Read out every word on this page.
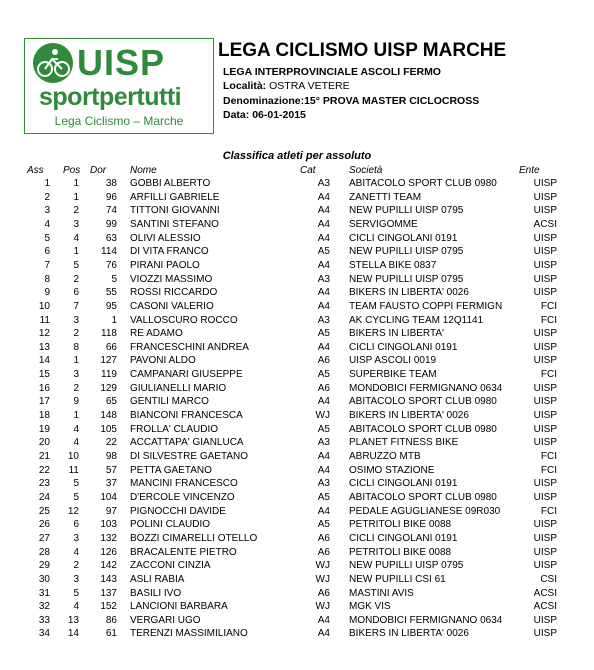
UISP
sportpertutti
Lega Ciclismo – Marche
LEGA CICLISMO UISP MARCHE
LEGA INTERPROVINCIALE ASCOLI FERMO
Località: OSTRA VETERE
Denominazione:15° PROVA MASTER CICLOCROSS
Data: 06-01-2015
Classifica atleti per assoluto
Ass	Pos Dor	Nome	Cat	Società	Ente
1	1	38 GOBBI ALBERTO	A3 ABITACOLO SPORT CLUB 0980	UISP
2	1	96 ARFILLI GABRIELE	A4 ZANETTI TEAM	UISP
3	2	74 TITTONI GIOVANNI	A4 NEW PUPILLI UISP 0795	UISP
4	3	99 SANTINI STEFANO	A4 SERVIGOMME	ACSI
5	4	63 OLIVI ALESSIO	A4 CICLI CINGOLANI 0191	UISP
6	1	114 DI VITA FRANCO	A5 NEW PUPILLI UISP 0795	UISP
7	5	76 PIRANI PAOLO	A4 STELLA BIKE 0837	UISP
8	2	5 VIOZZI MASSIMO	A3 NEW PUPILLI UISP 0795	UISP
9	6	55 ROSSI RICCARDO	A4 BIKERS IN LIBERTA' 0026	UISP
10	7	95 CASONI VALERIO	A4 TEAM FAUSTO COPPI FERMIGN	FCI
11	3	1 VALLOSCURO ROCCO	A3 AK CYCLING TEAM 12Q1141	FCI
12	2	118 RE ADAMO	A5 BIKERS IN LIBERTA'	UISP
13	8	66 FRANCESCHINI ANDREA	A4 CICLI CINGOLANI 0191	UISP
14	1	127 PAVONI ALDO	A6 UISP ASCOLI 0019	UISP
15	3	119 CAMPANARI GIUSEPPE	A5 SUPERBIKE TEAM	FCI
16	2	129 GIULIANELLI MARIO	A6 MONDOBICI FERMIGNANO 0634	UISP
17	9	65 GENTILI MARCO	A4 ABITACOLO SPORT CLUB 0980	UISP
18	1	148 BIANCONI FRANCESCA	WJ BIKERS IN LIBERTA' 0026	UISP
19	4	105 FROLLA' CLAUDIO	A5 ABITACOLO SPORT CLUB 0980	UISP
20	4	22 ACCATTAPA' GIANLUCA	A3 PLANET FITNESS BIKE	UISP
21	10	98 DI SILVESTRE GAETANO	A4 ABRUZZO MTB	FCI
22	11	57 PETTA GAETANO	A4 OSIMO STAZIONE	FCI
23	5	37 MANCINI FRANCESCO	A3 CICLI CINGOLANI 0191	UISP
24	5	104 D'ERCOLE VINCENZO	A5 ABITACOLO SPORT CLUB 0980	UISP
25	12	97 PIGNOCCHI DAVIDE	A4 PEDALE AGUGLIANESE 09R030	FCI
26	6	103 POLINI CLAUDIO	A5 PETRITOLI BIKE 0088	UISP
27	3	132 BOZZI CIMARELLI OTELLO	A6 CICLI CINGOLANI 0191	UISP
28	4	126 BRACALENTE PIETRO	A6 PETRITOLI BIKE 0088	UISP
29	2	142 ZACCONI CINZIA	WJ NEW PUPILLI UISP 0795	UISP
30	3	143 ASLI RABIA	WJ NEW PUPILLI CSI 61	CSI
31	5	137 BASILI IVO	A6 MASTINI AVIS	ACSI
32	4	152 LANCIONI BARBARA	WJ MGK VIS	ACSI
33	13	86 VERGARI UGO	A4 MONDOBICI FERMIGNANO 0634	UISP
34	14	61 TERENZI MASSIMILIANO	A4 BIKERS IN LIBERTA' 0026	UISP
